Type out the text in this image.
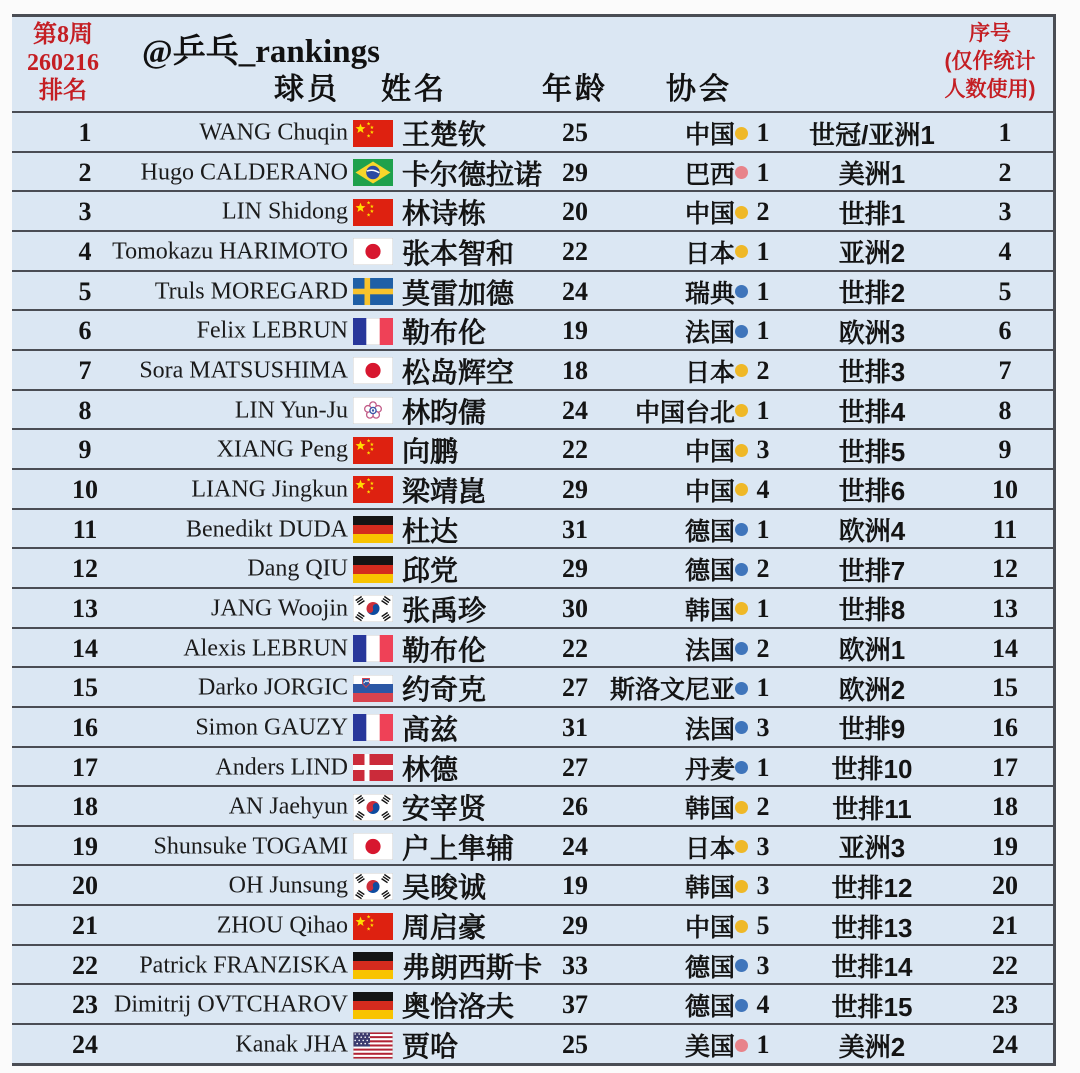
第8周
260216
排名
@乒乓_rankings
球员 姓名	年龄 协会
序号
(仅作统计
人数使用)
1	WANG Chuqin 王楚钦	25	中国 1	世冠/亚洲1	1
2	Hugo CALDERANO 卡尔德拉诺 29	巴西 1	美洲1	2
3	LIN Shidong 林诗栋	20	中国 2	世排1	3
4 Tomokazu HARIMOTO 张本智和	22	日本 1	亚洲2	4
5	Truls MOREGARD 莫雷加德	24	瑞典 1	世排2	5
6	Felix LEBRUN 勒布伦	19	法国 1	欧洲3	6
7	Sora MATSUSHIMA 松岛辉空	18	日本 2	世排3	7
8	LIN Yun-Ju 林昀儒	24	中国台北 1	世排4	8
9	XIANG Peng 向鹏	22	中国 3	世排5	9
10	LIANG Jingkun 梁靖崑	29	中国 4	世排6	10
11	Benedikt DUDA 杜达	31	德国 1	欧洲4	11
12	Dang QIU 邱党	29	德国 2	世排7	12
13	JANG Woojin 张禹珍	30	韩国 1	世排8	13
14	Alexis LEBRUN 勒布伦	22	法国 2	欧洲1	14
15	Darko JORGIC 约奇克	27 斯洛文尼亚 1	欧洲2	15
16	Simon GAUZY 高兹	31	法国 3	世排9	16
17	Anders LIND 林德	27	丹麦 1	世排10	17
18	AN Jaehyun 安宰贤	26	韩国 2	世排11	18
19	Shunsuke TOGAMI 户上隼辅	24	日本 3	亚洲3	19
20	OH Junsung 吴晙诚	19	韩国 3	世排12	20
21	ZHOU Qihao 周启豪	29	中国 5	世排13	21
22	Patrick FRANZISKA 弗朗西斯卡 33	德国 3	世排14	22
23 Dimitrij OVTCHAROV 奥恰洛夫	37	德国 4	世排15	23
24	Kanak JHA 贾哈	25	美国 1	美洲2	24
